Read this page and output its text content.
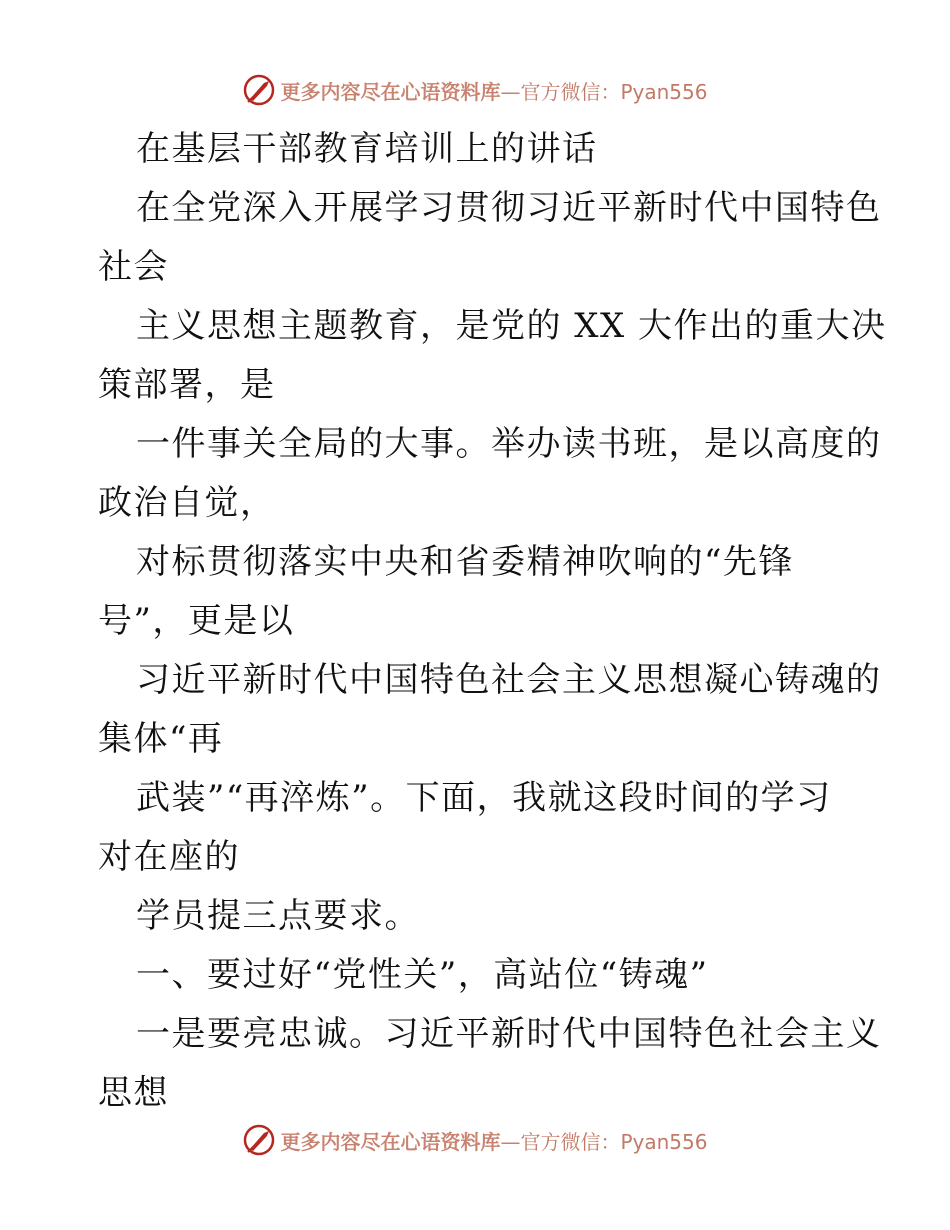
更多内容尽在心语资料库—官方微信：Pyan556
在基层干部教育培训上的讲话
在全党深入开展学习贯彻习近平新时代中国特色
社会
主义思想主题教育，是党的 XX 大作出的重大决
策部署，是
一件事关全局的大事。举办读书班，是以高度的
政治自觉，
对标贯彻落实中央和省委精神吹响的“先锋
号”，更是以
习近平新时代中国特色社会主义思想凝心铸魂的
集体“再
武装”“再淬炼”。下面，我就这段时间的学习
对在座的
学员提三点要求。
一、要过好“党性关”，高站位“铸魂”
一是要亮忠诚。习近平新时代中国特色社会主义
思想
更多内容尽在心语资料库—官方微信：Pyan556
